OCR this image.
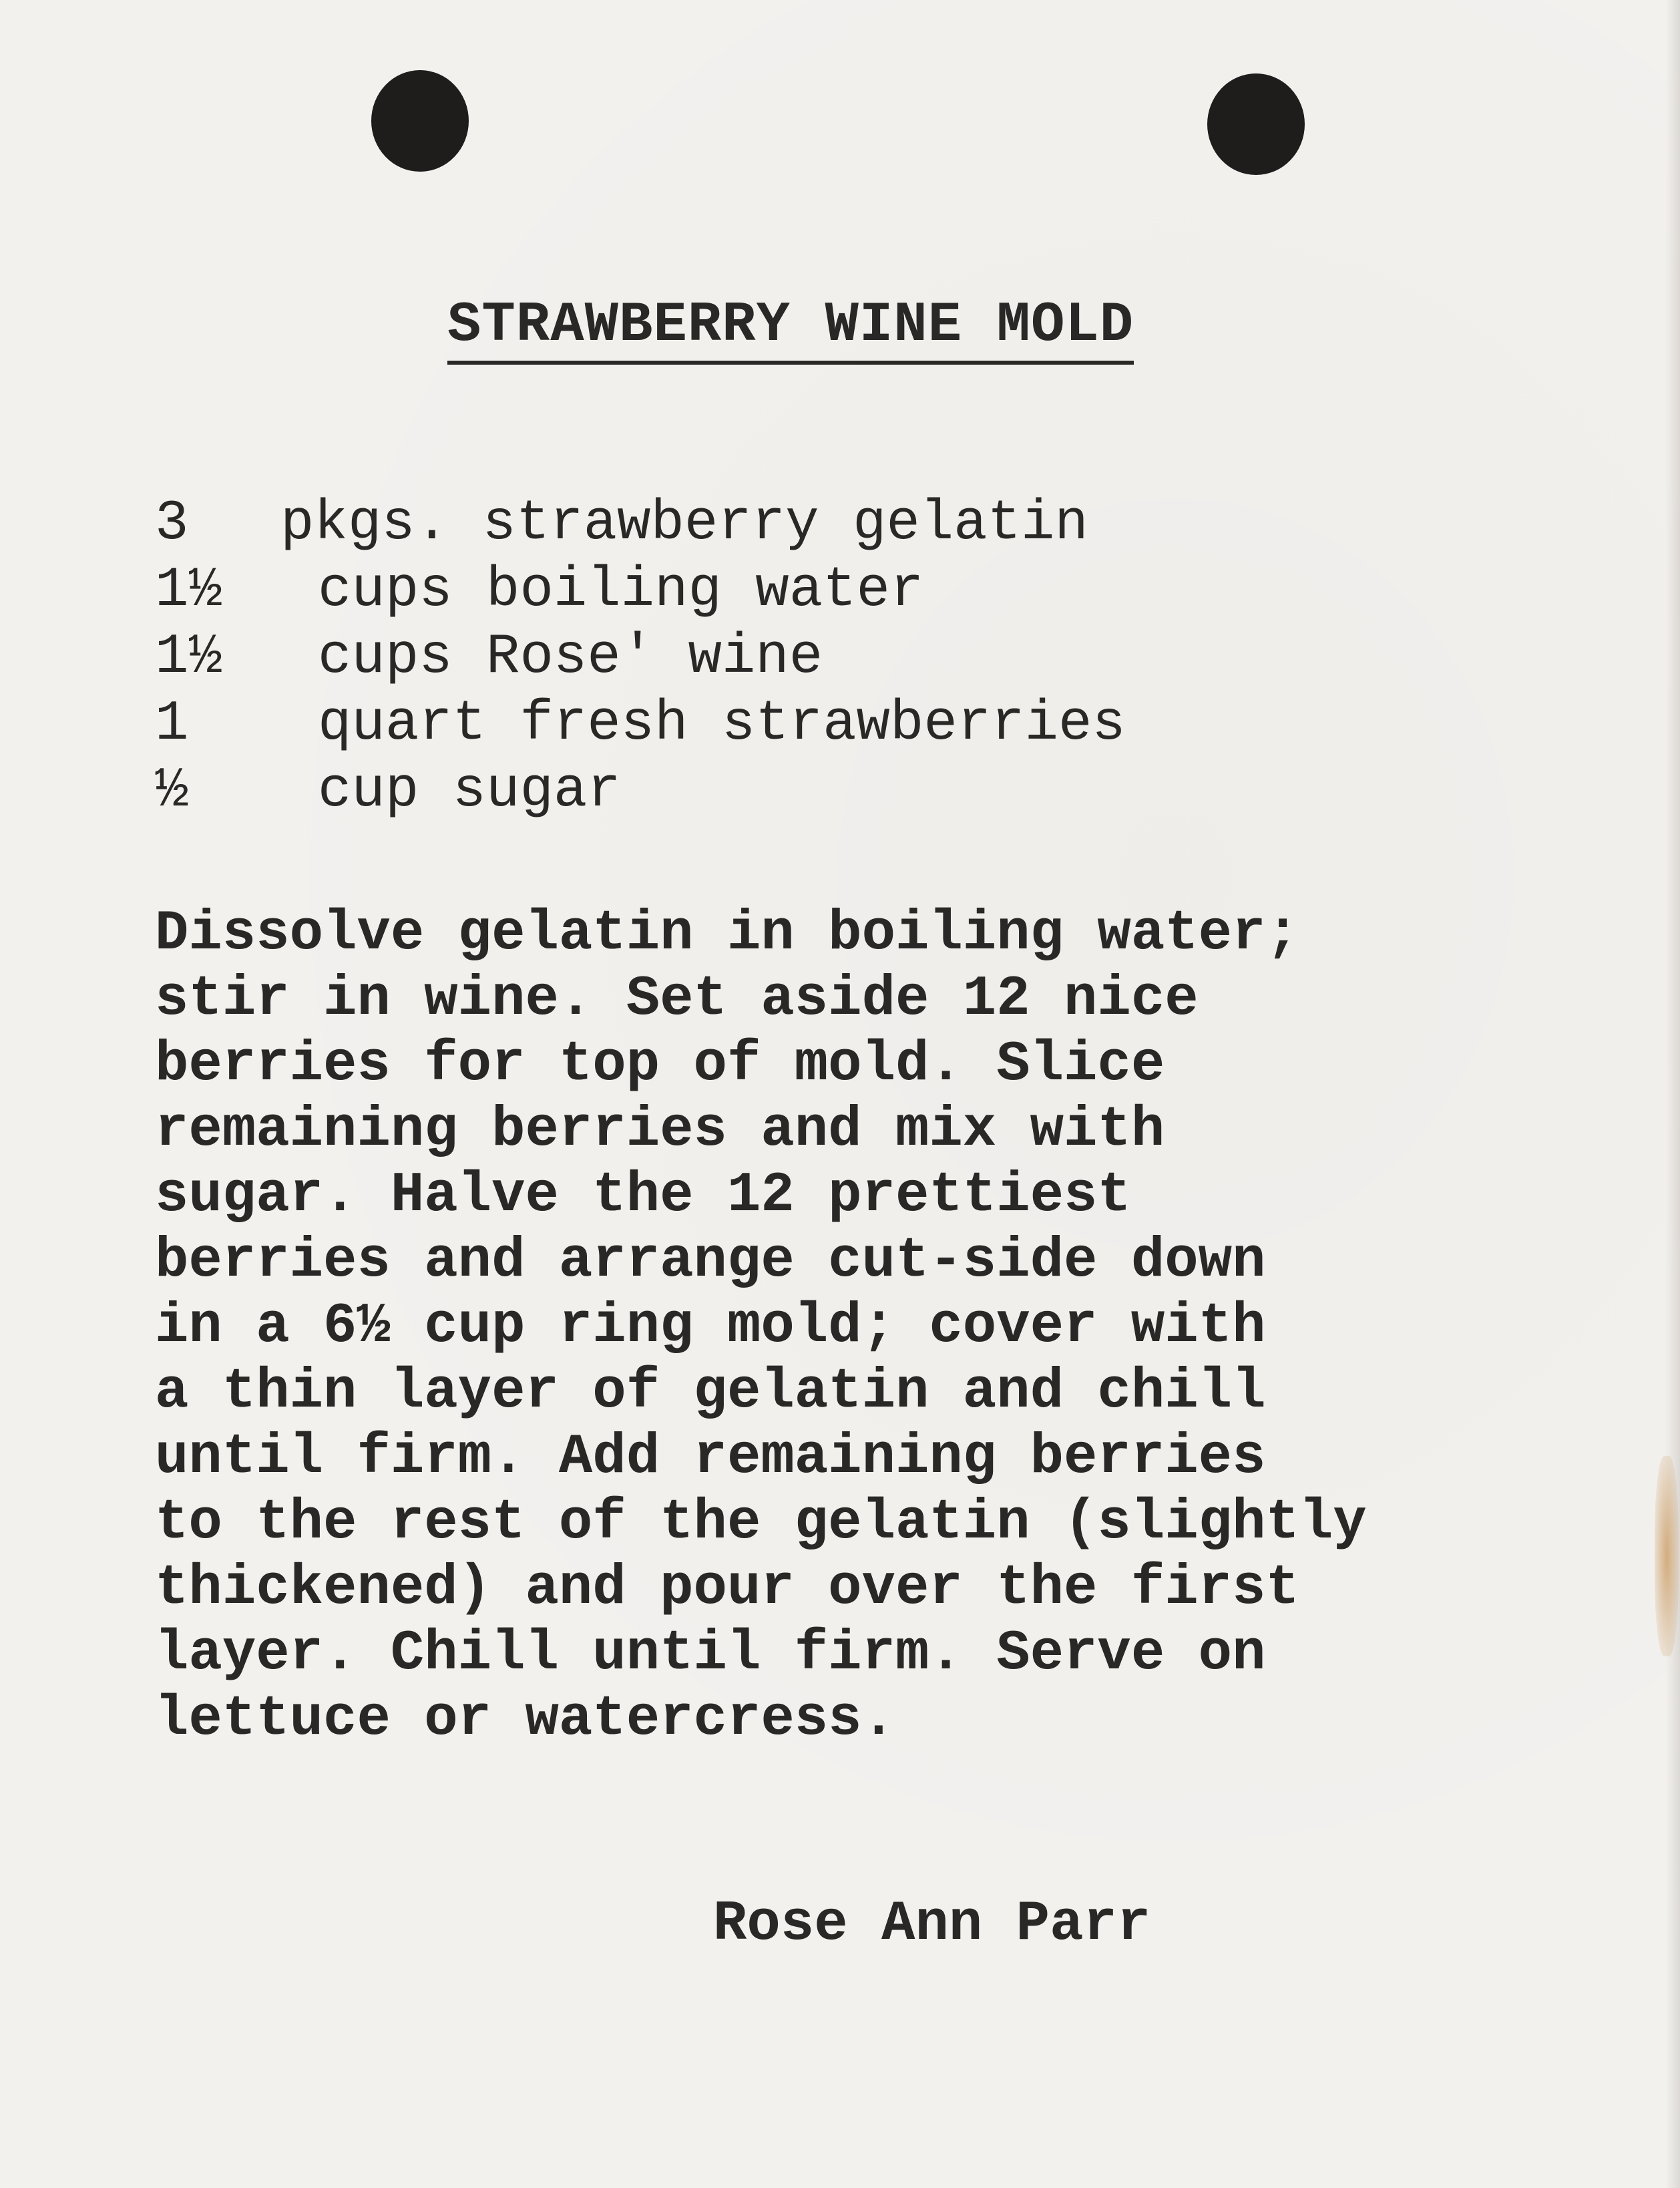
STRAWBERRY WINE MOLD
3 pkgs. strawberry gelatin
1½ cups boiling water
1½ cups Rose' wine
1 quart fresh strawberries
½ cup sugar
Dissolve gelatin in boiling water;
stir in wine. Set aside 12 nice
berries for top of mold. Slice
remaining berries and mix with
sugar. Halve the 12 prettiest
berries and arrange cut-side down
in a 6½ cup ring mold; cover with
a thin layer of gelatin and chill
until firm. Add remaining berries
to the rest of the gelatin (slightly
thickened) and pour over the first
layer. Chill until firm. Serve on
lettuce or watercress.
Rose Ann Parr
